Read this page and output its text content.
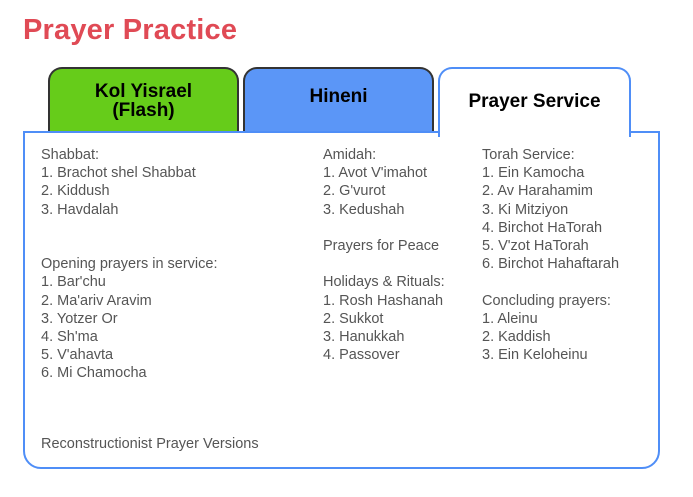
Prayer Practice
Kol Yisrael
(Flash)
Hineni	Prayer Service
Shabbat:
1. Brachot shel Shabbat
2. Kiddush
3. Havdalah
Opening prayers in service:
1. Bar'chu
2. Ma'ariv Aravim
3. Yotzer Or
4. Sh'ma
5. V'ahavta
6. Mi Chamocha
Amidah:
1. Avot V'imahot
2. G'vurot
3. Kedushah
Prayers for Peace
Holidays & Rituals:
1. Rosh Hashanah
2. Sukkot
3. Hanukkah
4. Passover
Torah Service:
1. Ein Kamocha
2. Av Harahamim
3. Ki Mitziyon
4. Birchot HaTorah
5. V'zot HaTorah
6. Birchot Hahaftarah
Concluding prayers:
1. Aleinu
2. Kaddish
3. Ein Keloheinu
Reconstructionist Prayer Versions
